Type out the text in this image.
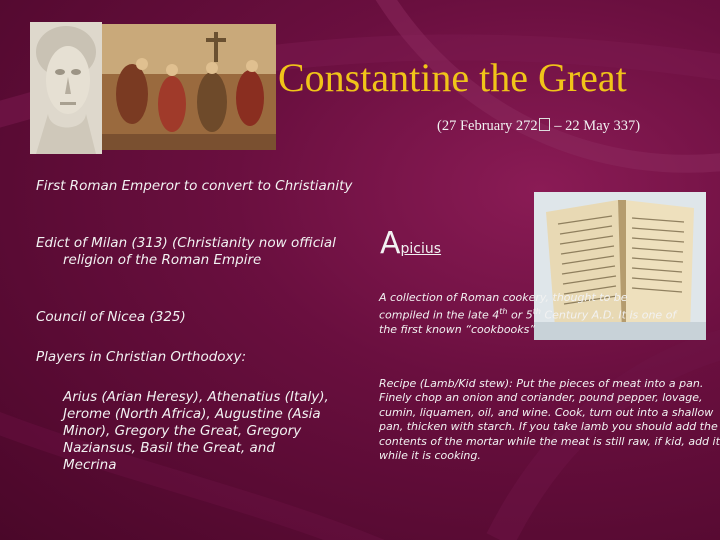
Constantine the Great
(27 February 272 – 22 May 337)
First Roman Emperor to convert to Christianity
Edict of Milan (313) (Christianity now official religion of the Roman Empire
Council of Nicea (325)
Players in Christian Orthodoxy:
Arius (Arian Heresy), Athenatius (Italy), Jerome (North Africa), Augustine (Asia Minor), Gregory the Great, Gregory Naziansus, Basil the Great, and Mecrina
Apicius
A collection of Roman cookery, thought to be compiled in the late 4th or 5th Century A.D. It is one of the first known “cookbooks”
Recipe (Lamb/Kid stew): Put the pieces of meat into a pan. Finely chop an onion and coriander, pound pepper, lovage, cumin, liquamen, oil, and wine. Cook, turn out into a shallow pan, thicken with starch. If you take lamb you should add the contents of the mortar while the meat is still raw, if kid, add it while it is cooking.
